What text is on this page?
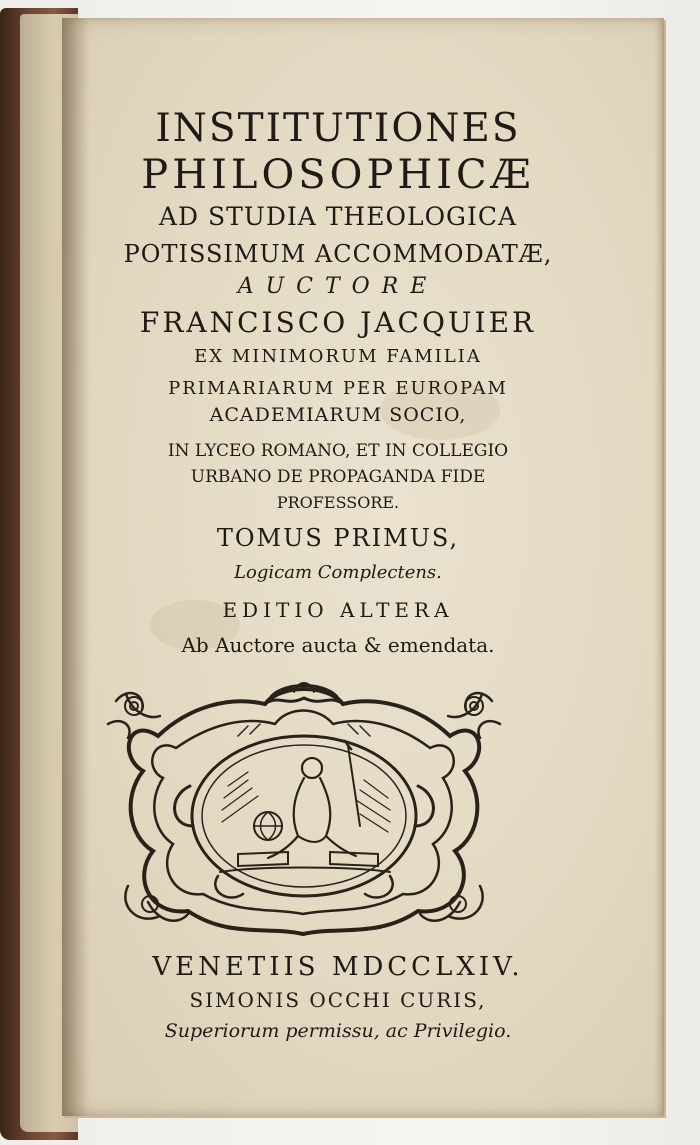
INSTITUTIONES

PHILOSOPHICÆ

AD STUDIA THEOLOGICA

POTISSIMUM ACCOMMODATÆ,

AUCTORE

FRANCISCO JACQUIER

EX MINIMORUM FAMILIA

PRIMARIARUM PER EUROPAM

ACADEMIARUM SOCIO,

IN LYCEO ROMANO, ET IN COLLEGIO

URBANO DE PROPAGANDA FIDE

PROFESSORE.

TOMUS PRIMUS,

Logicam Complectens.

EDITIO ALTERA

Ab Auctore aucta & emendata.

VENETIIS MDCCLXIV.

SIMONIS OCCHI CURIS,

Superiorum permissu, ac Privilegio.
